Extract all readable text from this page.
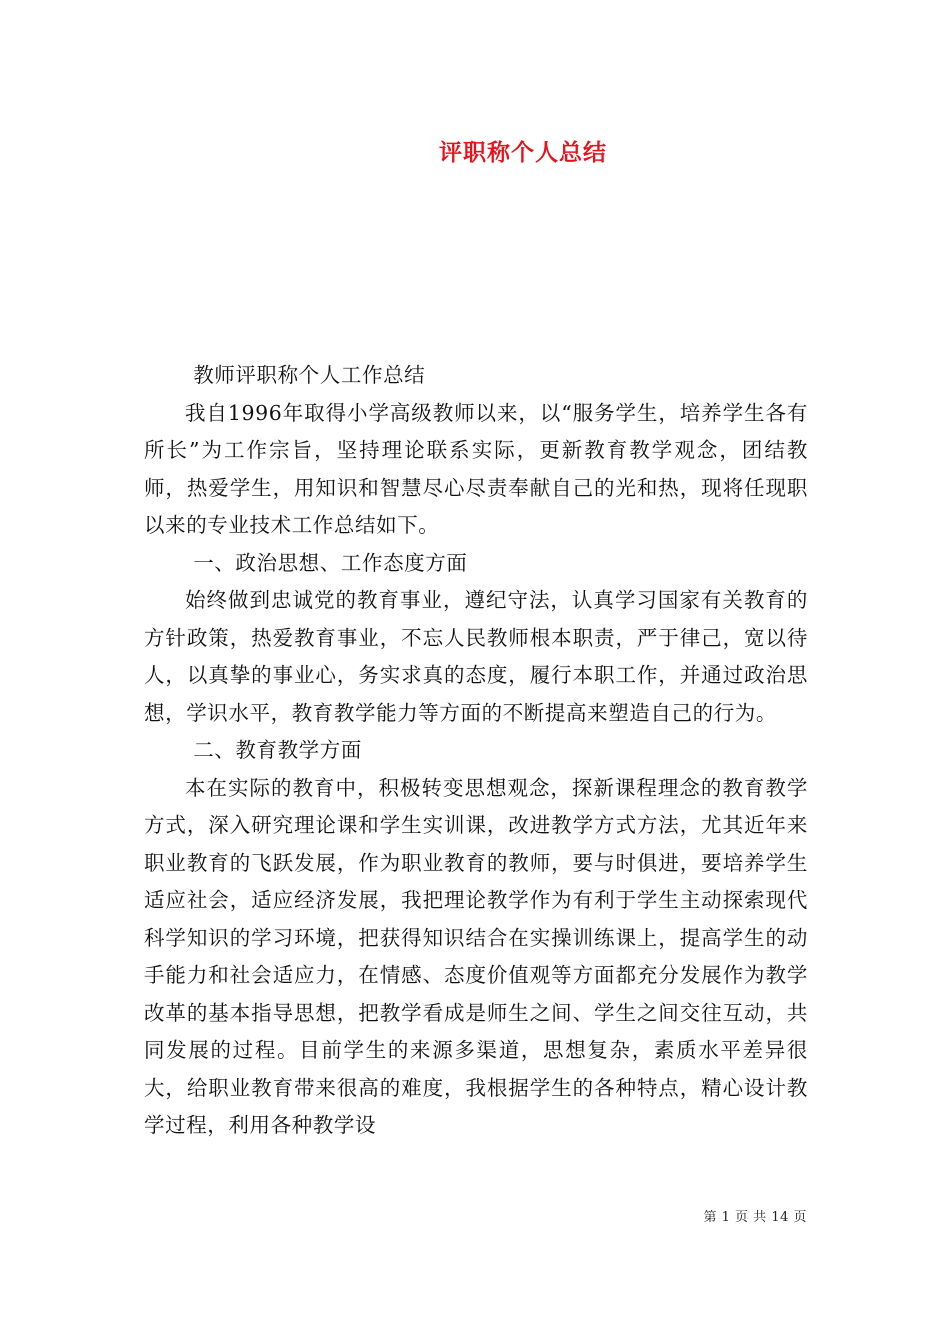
评职称个人总结

教师评职称个人工作总结

我自1996年取得小学高级教师以来，以“服务学生，培养学生各有所长”为工作宗旨，坚持理论联系实际，更新教育教学观念，团结教师，热爱学生，用知识和智慧尽心尽责奉献自己的光和热，现将任现职以来的专业技术工作总结如下。

一、政治思想、工作态度方面

始终做到忠诚党的教育事业，遵纪守法，认真学习国家有关教育的方针政策，热爱教育事业，不忘人民教师根本职责，严于律己，宽以待人，以真挚的事业心，务实求真的态度，履行本职工作，并通过政治思想，学识水平，教育教学能力等方面的不断提高来塑造自己的行为。

二、教育教学方面

本在实际的教育中，积极转变思想观念，探新课程理念的教育教学方式，深入研究理论课和学生实训课，改进教学方式方法，尤其近年来职业教育的飞跃发展，作为职业教育的教师，要与时俱进，要培养学生适应社会，适应经济发展，我把理论教学作为有利于学生主动探索现代科学知识的学习环境，把获得知识结合在实操训练课上，提高学生的动手能力和社会适应力，在情感、态度价值观等方面都充分发展作为教学改革的基本指导思想，把教学看成是师生之间、学生之间交往互动，共同发展的过程。目前学生的来源多渠道，思想复杂，素质水平差异很大，给职业教育带来很高的难度，我根据学生的各种特点，精心设计教学过程，利用各种教学设

第 1 页 共 14 页
